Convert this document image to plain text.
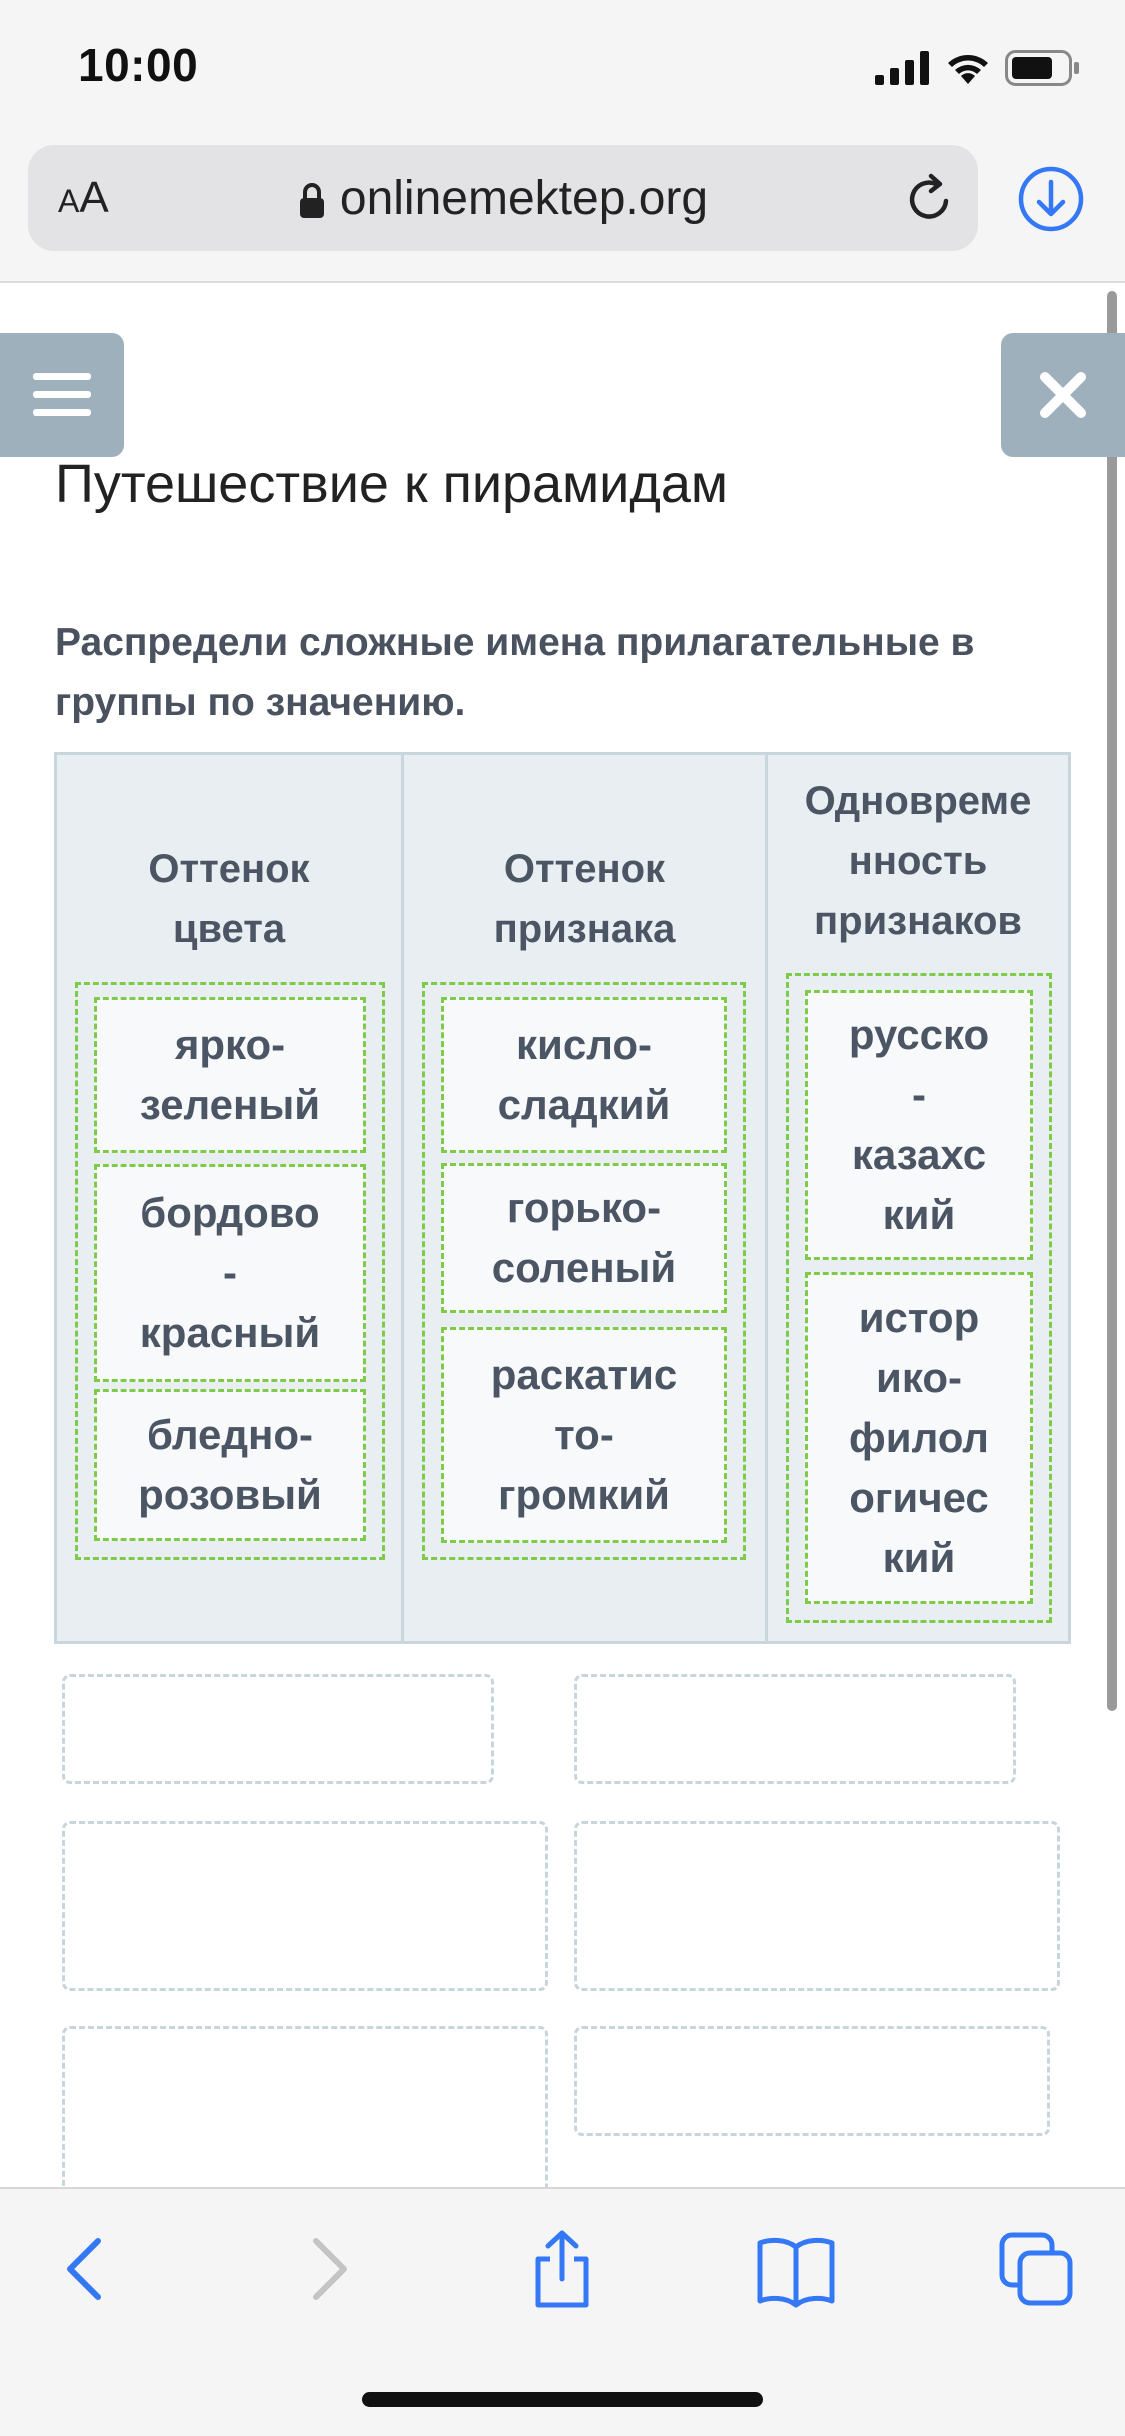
10:00
AA	onlinemektep.org
Путешествие к пирамидам
Распредели сложные имена прилагательные в группы по значению.
Оттенок
цвета
ярко-
зеленый
бордово
-
красный
бледно-
розовый
Оттенок
признака
кисло-
сладкий
горько-
соленый
раскатис
то-
громкий
Одновреме
нность
признаков
русско
-
казахс
кий
истор
ико-
филол
огичес
кий
